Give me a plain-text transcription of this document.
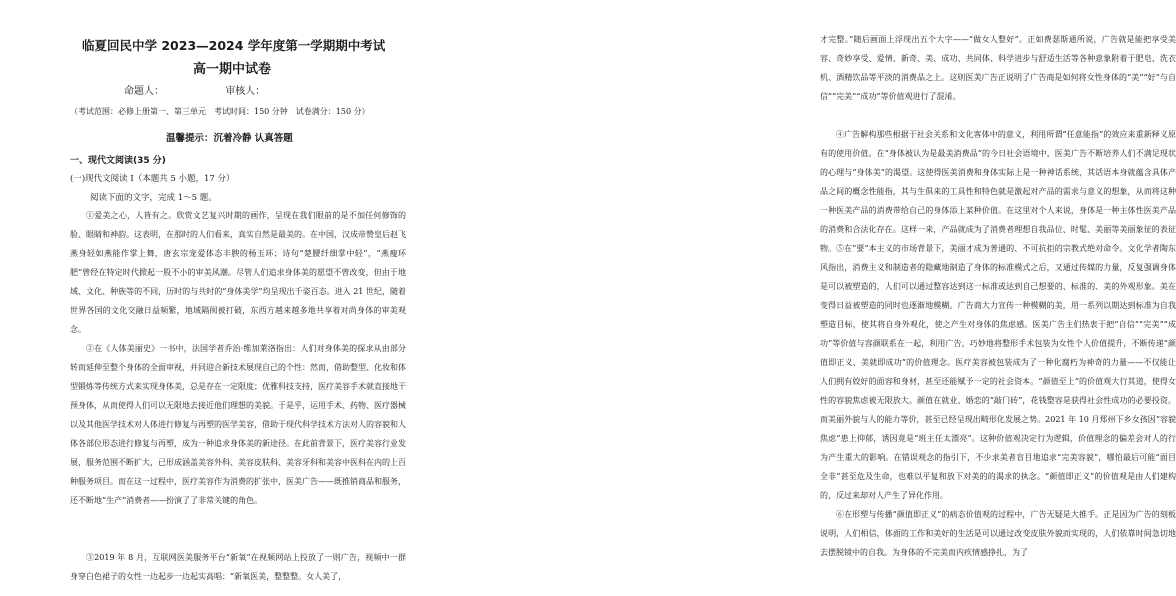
临夏回民中学 2023—2024 学年度第一学期期中考试
高一期中试卷
命题人：	审核人：
（考试范围：必修上册第一、第三单元　考试时间：150 分钟　试卷满分：150 分）
温馨提示：沉着冷静 认真答题
一、现代文阅读(35 分)
(一)现代文阅读 I（本题共 5 小题，17 分）
阅读下面的文字，完成 1～5 题。

①爱美之心，人皆有之。欣赏文艺复兴时期的画作，呈现在我们眼前的是不加任何修饰的脸、眼睛和神韵。这表明，在那时的人们看来，真实自然是最美的。在中国，汉成帝赞皇后赵飞燕身轻如燕能作掌上舞，唐玄宗宠爱体态丰腴的杨玉环；诗句“楚腰纤细掌中轻”，“燕瘦环肥”曾经在特定时代掀起一股不小的审美风潮。尽管人们追求身体美的愿望不曾改变，但由于地域、文化、种族等的不同，历时的与共时的“身体美学”均呈现出千姿百态。进入 21 世纪，随着世界各国的文化交融日益频繁，地域隔阂被打破，东西方越来越多地共享着对尚身体的审美观念。

②在《人体美丽史》一书中，法国学者乔治·维加莱洛指出：人们对身体美的探求从由部分转而延伸至整个身体的全面审视，并同迎合新技术展现自己的个性：然而，借助整型、化妆和体型锻炼等传统方式来实现身体美，总是存在一定限度；优雅科技支持，医疗美容手术就直接地干预身体，从而使得人们可以无限地去接近他们理想的美貌。于是乎，运用手术、药物、医疗器械以及其他医学技术对人体进行修复与再塑的医学美容，借助于现代科学技术方法对人的容貌和人体各部位形态进行修复与再塑，成为一种追求身体美的新途径。在此前背景下，医疗美容行业发展，服务范围不断扩大，已形成涵盖美容外科、美容皮肤科、美容牙科和美容中医科在内的上百种服务项目。而在这一过程中，医疗美容作为消费的扩张中，医美广告——既推销商品和服务，还不断地“生产”消费者——扮演了了非常关键的角色。

③2019 年 8 月，互联网医美服务平台“新氧”在视频网站上投放了一则广告，视频中一群身穿白色裙子的女性一边起步一边起实高唱：“新氧医美，整整整。女人美了，

才完整。”随后画面上浮现出五个大字——“做女人整好”。正如费瑟斯通所说，广告就是能把享受美容、奇妙享受、爱情、新奇、美、成功、共同体、科学进步与舒适生活等各种意象附着于肥皂、洗衣机、酒精饮品等平淡的消费品之上。这则医美广告正说明了广告商是如何将女性身体的“美”“好”与自信”“完美”“成功”等价值观进行了混淆。

④广告解构那些根据于社会关系和文化客体中的意义，利用所谓“任意能指”的效应来重新释义原有的使用价值。在“身体被认为是最美消费品”的今日社会语境中，医美广告不断培养人们不满足现状的心理与“身体美”的渴望。这使得医美消费和身体实际上是一种神话系统，其话语本身就蕴含具体产品之间的概念性能指，其与生俱来的工具性和特色就是激起对产品的需求与意义的想象，从而将这种一种医美产品的消费带给自己的身体添上某种价值。在这里对个人来说，身体是一种主体性医美产品的消费和合法化存在。这样一来，产品就成为了消费者理想自我品位、时髦、美丽等美丽象征的表征物。 ⑤在“要”本主义的市场背景下，美丽才成为普通的、不可抗拒的宗教式绝对命令。文化学者陶东风指出，消费主义和制造者的隐藏地制造了身体的标准模式之后，又通过传媒的力量，反复强调身体是可以被塑造的，人们可以通过整容达到这一标准或达到自己想要的、标准的、美的外观形象。美在变得日益被塑造的同时也逐渐地模糊。广告商大力宣传一种模糊的美，用一系列以期达到标准为自我塑造目标，使其将自身外观化，使之产生对身体的焦虑感。医美广告主们热衷于把“自信”“完美”“成功”等价值与容颜联系在一起，利用广告，巧妙地将整形手术包装为女性个人价值提升，不断传递“颜值即正义、美就即成功”的价值理念。医疗美容被包装成为了一种化腐朽为神奇的力量——不仅能让人们拥有姣好的面容和身材，甚至还能赋予一定的社会资本。“颜值至上”的价值观大行其道，使得女性的容貌焦虑被无限放大。颜值在就业、婚恋的“敲门砖”，花钱整容是获得社会性成功的必要投资。而美丽外貌与人的能力等价，甚至已经呈现出畸形化发展之势。2021 年 10 月郑州下乡女孩因“容貌焦虑”患上抑郁，诱因竟是“班主任太漂亮”。这种价值观决定行为逻辑，价值理念的偏差会对人的行为产生重大的影响。在错误观念的指引下，不少求美者盲目地追求“完美容貌”，哪怕最后可能“面目全非”甚至危及生命，也难以平复和放下对美的的渴求的执念。“颜值即正义”的价值观是由人们建构的，反过来却对人产生了异化作用。

⑥在形塑与传播“颜值即正义”的病态价值观的过程中，广告无疑是大推手。正是因为广告的刻板说明，人们相信，体面的工作和美好的生活是可以通过改变皮肤外貌而实现的，人们依靠时间急切地去摆脱镜中的自我。为身体的不完美而内疚情感挣扎，为了
